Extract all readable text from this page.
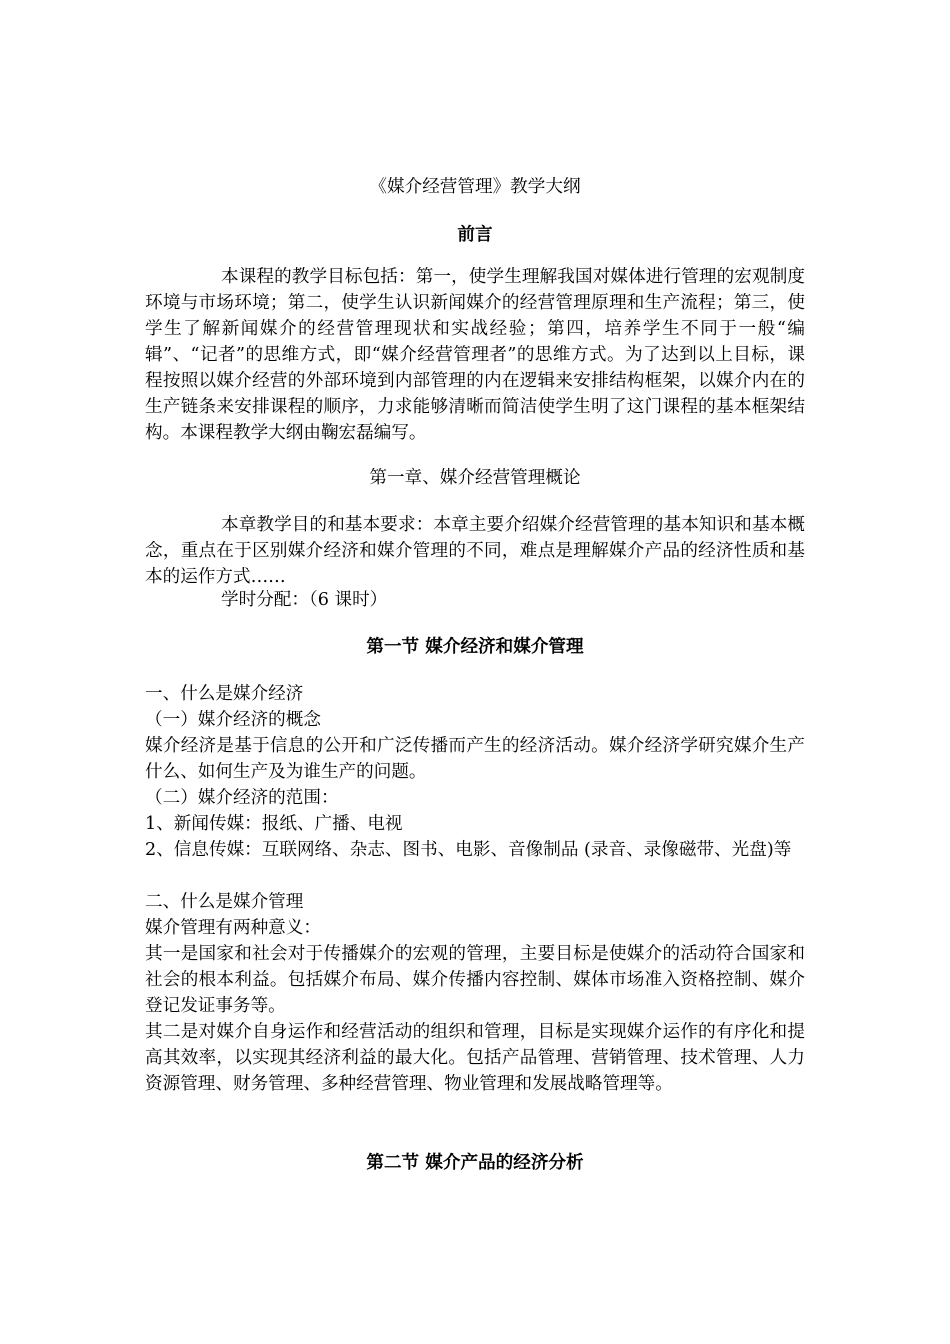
《媒介经营管理》教学大纲
前言
本课程的教学目标包括：第一，使学生理解我国对媒体进行管理的宏观制度环境与市场环境；第二，使学生认识新闻媒介的经营管理原理和生产流程；第三，使学生了解新闻媒介的经营管理现状和实战经验；第四，培养学生不同于一般“编辑”、“记者”的思维方式，即“媒介经营管理者”的思维方式。为了达到以上目标，课程按照以媒介经营的外部环境到内部管理的内在逻辑来安排结构框架，以媒介内在的生产链条来安排课程的顺序，力求能够清晰而简洁使学生明了这门课程的基本框架结构。本课程教学大纲由鞠宏磊编写。
第一章、媒介经营管理概论
本章教学目的和基本要求：本章主要介绍媒介经营管理的基本知识和基本概念，重点在于区别媒介经济和媒介管理的不同，难点是理解媒介产品的经济性质和基本的运作方式……
学时分配：（6 课时）
第一节 媒介经济和媒介管理
一、什么是媒介经济
（一）媒介经济的概念
媒介经济是基于信息的公开和广泛传播而产生的经济活动。媒介经济学研究媒介生产什么、如何生产及为谁生产的问题。
（二）媒介经济的范围：
1、新闻传媒：报纸、广播、电视
2、信息传媒：互联网络、杂志、图书、电影、音像制品 (录音、录像磁带、光盘)等
二、什么是媒介管理
媒介管理有两种意义：
其一是国家和社会对于传播媒介的宏观的管理，主要目标是使媒介的活动符合国家和社会的根本利益。包括媒介布局、媒介传播内容控制、媒体市场准入资格控制、媒介登记发证事务等。
其二是对媒介自身运作和经营活动的组织和管理，目标是实现媒介运作的有序化和提高其效率，以实现其经济利益的最大化。包括产品管理、营销管理、技术管理、人力资源管理、财务管理、多种经营管理、物业管理和发展战略管理等。
第二节 媒介产品的经济分析
